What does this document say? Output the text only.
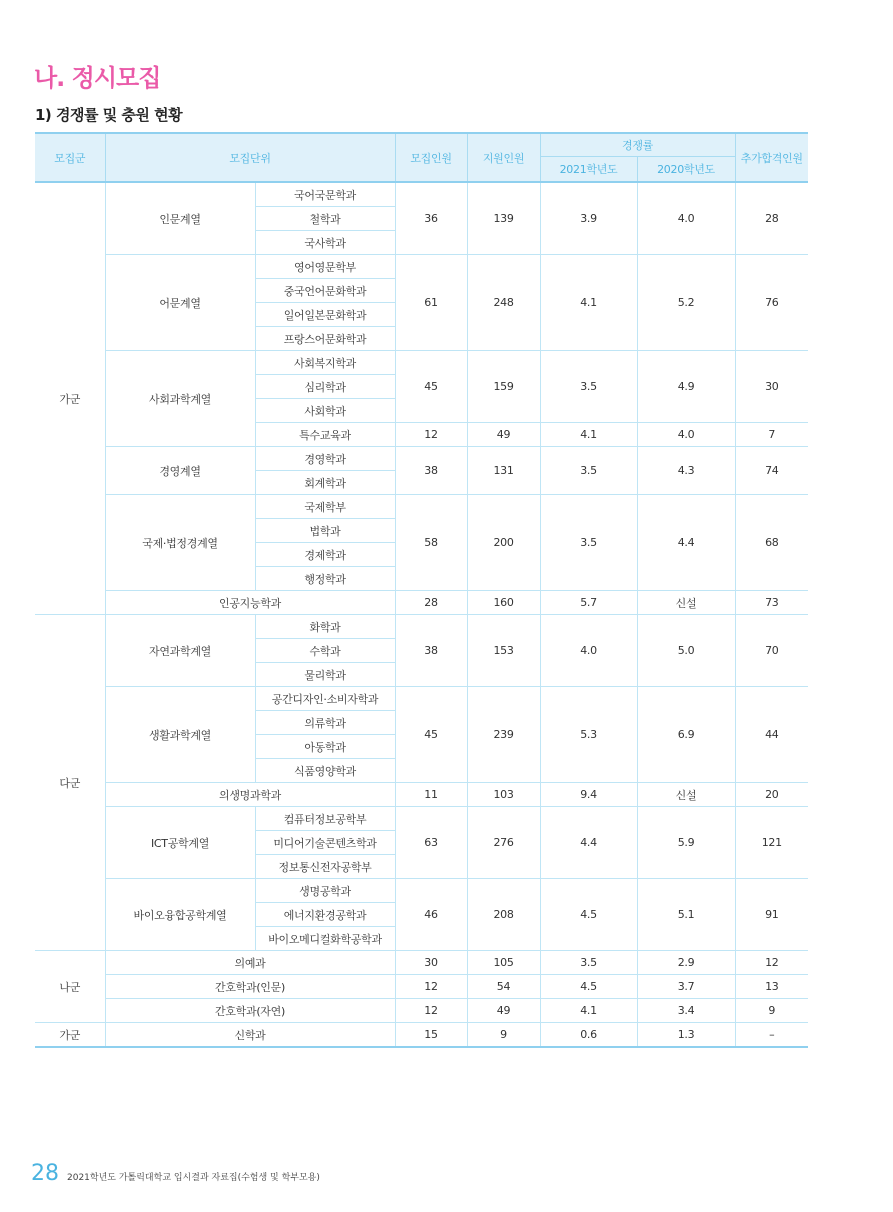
나. 정시모집
1) 경쟁률 및 충원 현황
모집군	모집단위		모집인원	지원인원	경쟁률		추가합격인원
					2021학년도	2020학년도	
가군	인문계열	국어국문학과	36	139	3.9	4.0	28
		철학과					
		국사학과					
	어문계열	영어영문학부	61	248	4.1	5.2	76
		중국언어문화학과					
		일어일본문화학과					
		프랑스어문화학과					
	사회과학계열	사회복지학과	45	159	3.5	4.9	30
		심리학과					
		사회학과					
		특수교육과	12	49	4.1	4.0	7
	경영계열	경영학과	38	131	3.5	4.3	74
		회계학과					
	국제·법정경계열	국제학부	58	200	3.5	4.4	68
		법학과					
		경제학과					
		행정학과					
	인공지능학과		28	160	5.7	신설	73
다군	자연과학계열	화학과	38	153	4.0	5.0	70
		수학과					
		물리학과					
	생활과학계열	공간디자인·소비자학과	45	239	5.3	6.9	44
		의류학과					
		아동학과					
		식품영양학과					
	의생명과학과		11	103	9.4	신설	20
	ICT공학계열	컴퓨터정보공학부	63	276	4.4	5.9	121
		미디어기술콘텐츠학과					
		정보통신전자공학부					
	바이오융합공학계열	생명공학과	46	208	4.5	5.1	91
		에너지환경공학과					
		바이오메디컬화학공학과					
나군	의예과		30	105	3.5	2.9	12
	간호학과(인문)		12	54	4.5	3.7	13
	간호학과(자연)		12	49	4.1	3.4	9
가군	신학과		15	9	0.6	1.3	–
28 2021학년도 가톨릭대학교 입시결과 자료집(수험생 및 학부모용)
